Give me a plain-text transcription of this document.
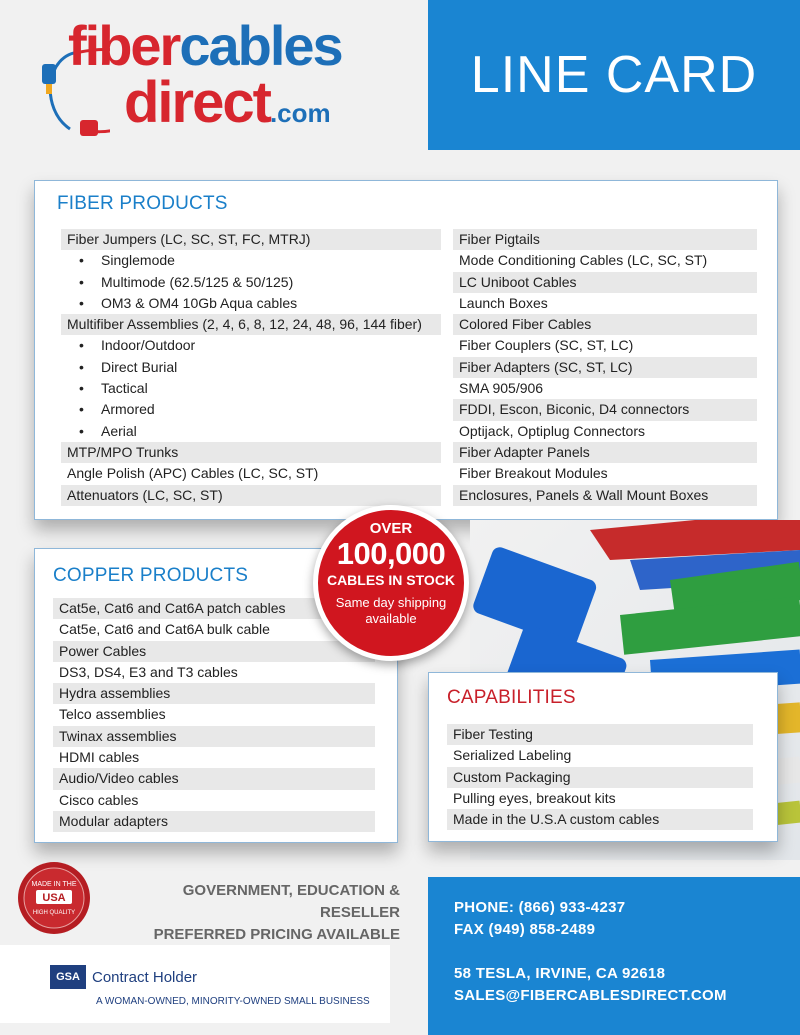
fibercables
direct.com
LINE CARD
FIBER PRODUCTS
Fiber Jumpers (LC, SC, ST, FC, MTRJ)
• Singlemode
• Multimode (62.5/125 & 50/125)
• OM3 & OM4 10Gb Aqua cables
Multifiber Assemblies (2, 4, 6, 8, 12, 24, 48, 96, 144 fiber)
• Indoor/Outdoor
• Direct Burial
• Tactical
• Armored
• Aerial
MTP/MPO Trunks
Angle Polish (APC) Cables (LC, SC, ST)
Attenuators (LC, SC, ST)
Fiber Pigtails
Mode Conditioning Cables (LC, SC, ST)
LC Uniboot Cables
Launch Boxes
Colored Fiber Cables
Fiber Couplers (SC, ST, LC)
Fiber Adapters (SC, ST, LC)
SMA 905/906
FDDI, Escon, Biconic, D4 connectors
Optijack, Optiplug Connectors
Fiber Adapter Panels
Fiber Breakout Modules
Enclosures, Panels & Wall Mount Boxes
COPPER PRODUCTS
Cat5e, Cat6 and Cat6A patch cables
Cat5e, Cat6 and Cat6A bulk cable
Power Cables
DS3, DS4, E3 and T3 cables
Hydra assemblies
Telco assemblies
Twinax assemblies
HDMI cables
Audio/Video cables
Cisco cables
Modular adapters
OVER
100,000
CABLES IN STOCK
Same day shipping
available
CAPABILITIES
Fiber Testing
Serialized Labeling
Custom Packaging
Pulling eyes, breakout kits
Made in the U.S.A custom cables
MADE IN THE
USA
HIGH QUALITY
GOVERNMENT, EDUCATION & RESELLER
PREFERRED PRICING AVAILABLE
GSA Contract Holder
A WOMAN-OWNED, MINORITY-OWNED SMALL BUSINESS
PHONE: (866) 933-4237
FAX (949) 858-2489
58 TESLA, IRVINE, CA 92618
SALES@FIBERCABLESDIRECT.COM
